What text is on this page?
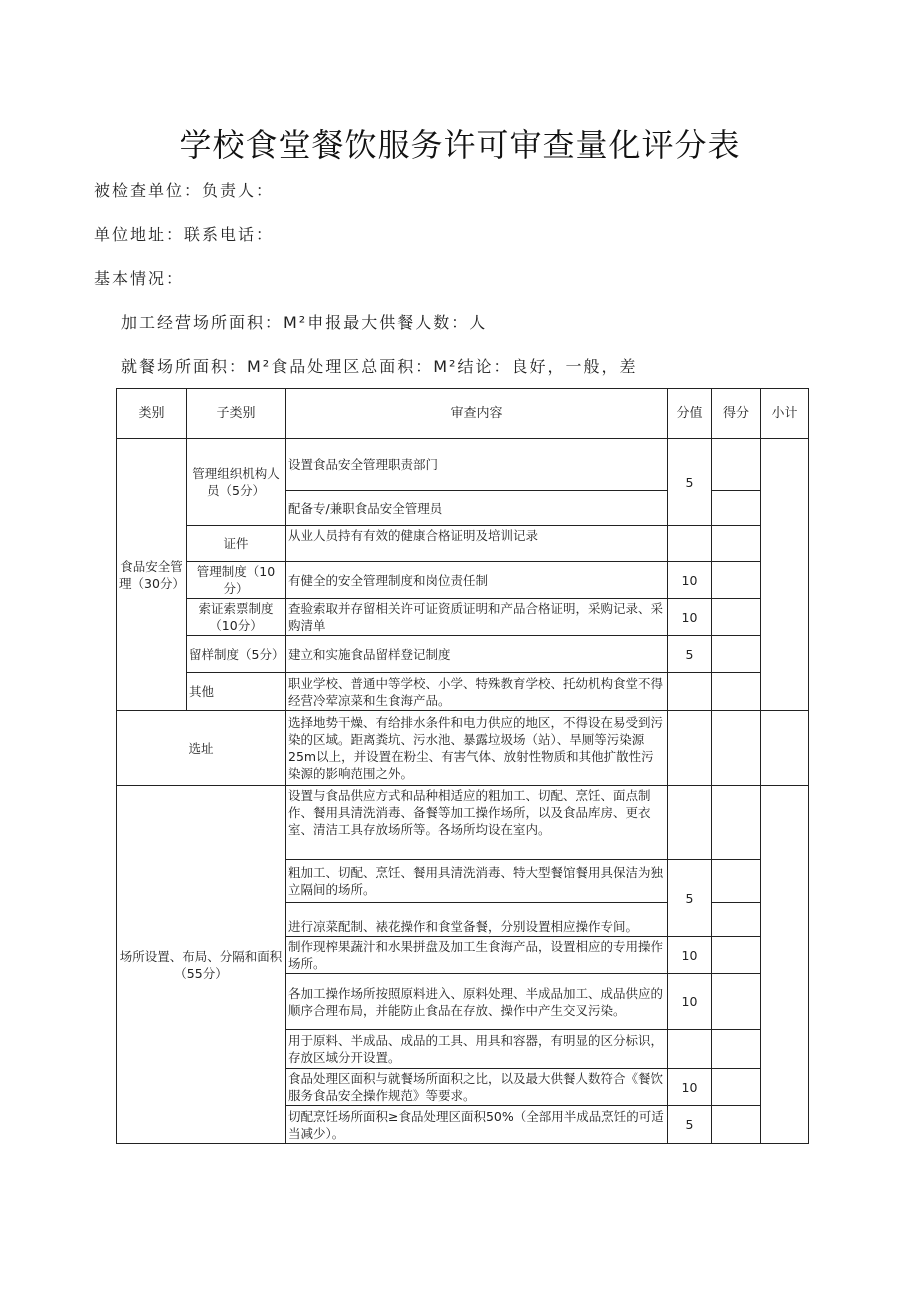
学校食堂餐饮服务许可审查量化评分表
被检查单位：负责人：
单位地址：联系电话：
基本情况：
加工经营场所面积：M²申报最大供餐人数：人
就餐场所面积：M²食品处理区总面积：M²结论：良好，一般，差
类别	子类别	审查内容	分值	得分	小计
食品安全管理（30分）	管理组织机构人员（5分）	设置食品安全管理职责部门	5		
		配备专/兼职食品安全管理员			
	证件	从业人员持有有效的健康合格证明及培训记录			
	管理制度（10分）	有健全的安全管理制度和岗位责任制	10		
	索证索票制度（10分）	查验索取并存留相关许可证资质证明和产品合格证明，采购记录、采购清单	10		
	留样制度（5分）	建立和实施食品留样登记制度	5		
	其他	职业学校、普通中等学校、小学、特殊教育学校、托幼机构食堂不得经营冷荤凉菜和生食海产品。			
选址		选择地势干燥、有给排水条件和电力供应的地区，不得设在易受到污染的区域。距离粪坑、污水池、暴露垃圾场（站）、旱厕等污染源25m以上，并设置在粉尘、有害气体、放射性物质和其他扩散性污染源的影响范围之外。			
场所设置、布局、分隔和面积（55分）		设置与食品供应方式和品种相适应的粗加工、切配、烹饪、面点制作、餐用具清洗消毒、备餐等加工操作场所，以及食品库房、更衣室、清洁工具存放场所等。各场所均设在室内。			
		粗加工、切配、烹饪、餐用具清洗消毒、特大型餐馆餐用具保洁为独立隔间的场所。	5		
		进行凉菜配制、裱花操作和食堂备餐，分别设置相应操作专间。			
		制作现榨果蔬汁和水果拼盘及加工生食海产品，设置相应的专用操作场所。	10		
		各加工操作场所按照原料进入、原料处理、半成品加工、成品供应的顺序合理布局，并能防止食品在存放、操作中产生交叉污染。	10		
		用于原料、半成品、成品的工具、用具和容器，有明显的区分标识，存放区域分开设置。			
		食品处理区面积与就餐场所面积之比，以及最大供餐人数符合《餐饮服务食品安全操作规范》等要求。	10		
		切配烹饪场所面积≥食品处理区面积50%（全部用半成品烹饪的可适当减少）。	5		
